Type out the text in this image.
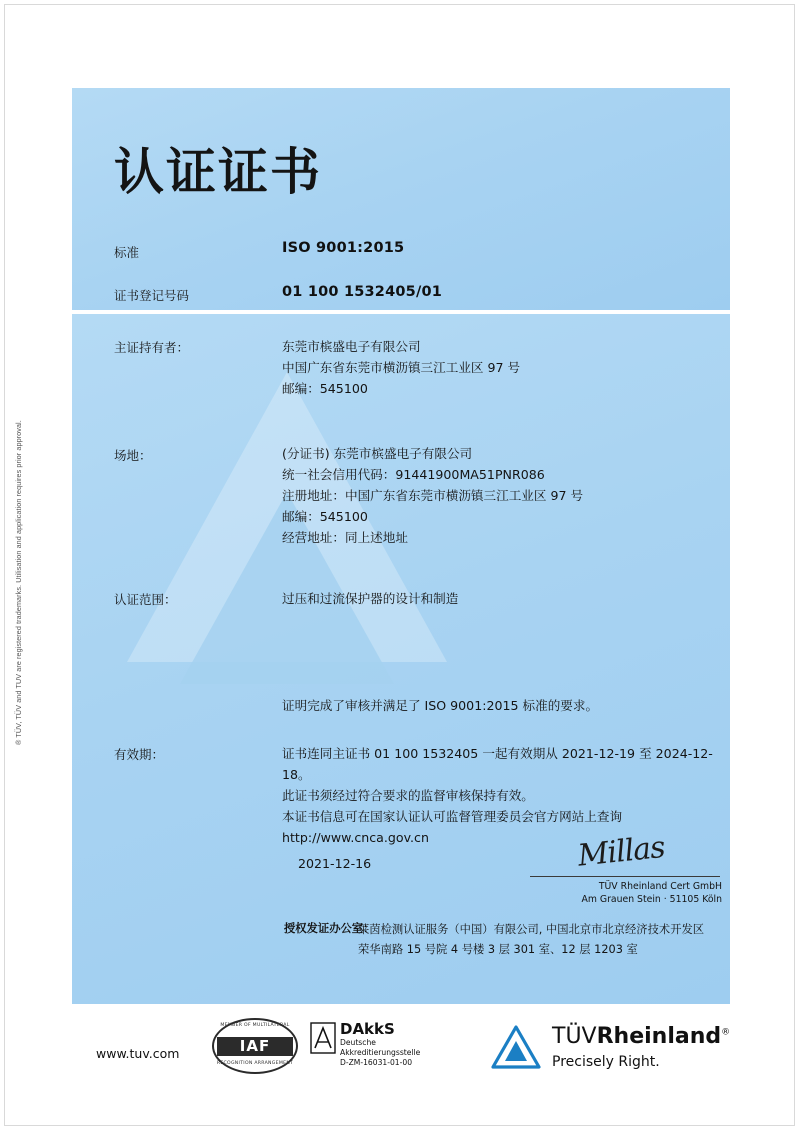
® TÜV, TÜV and TUV are registered trademarks. Utilisation and application requires prior approval.
认证证书
标准	ISO 9001:2015
证书登记号码	01 100 1532405/01
主证持有者：	东莞市槟盛电子有限公司
中国广东省东莞市横沥镇三江工业区 97 号
邮编：545100
场地：	(分证书) 东莞市槟盛电子有限公司
统一社会信用代码：91441900MA51PNR086
注册地址：中国广东省东莞市横沥镇三江工业区 97 号
邮编：545100
经营地址：同上述地址
认证范围：	过压和过流保护器的设计和制造
证明完成了审核并满足了 ISO 9001:2015 标准的要求。
有效期：	证书连同主证书 01 100 1532405 一起有效期从 2021-12-19 至 2024-12-18。
此证书须经过符合要求的监督审核保持有效。
本证书信息可在国家认证认可监督管理委员会官方网站上查询
http://www.cnca.gov.cn
2021-12-16	Millas
TÜV Rheinland Cert GmbH
Am Grauen Stein · 51105 Köln
授权发证办公室：
莱茵检测认证服务（中国）有限公司, 中国北京市北京经济技术开发区荣华南路 15 号院 4 号楼 3 层 301 室、12 层 1203 室
www.tuv.com
MEMBER OF MULTILATERAL
IAF
RECOGNITION ARRANGEMENT
DAkkS
Deutsche
Akkreditierungsstelle
D-ZM-16031-01-00
TÜVRheinland®
Precisely Right.
